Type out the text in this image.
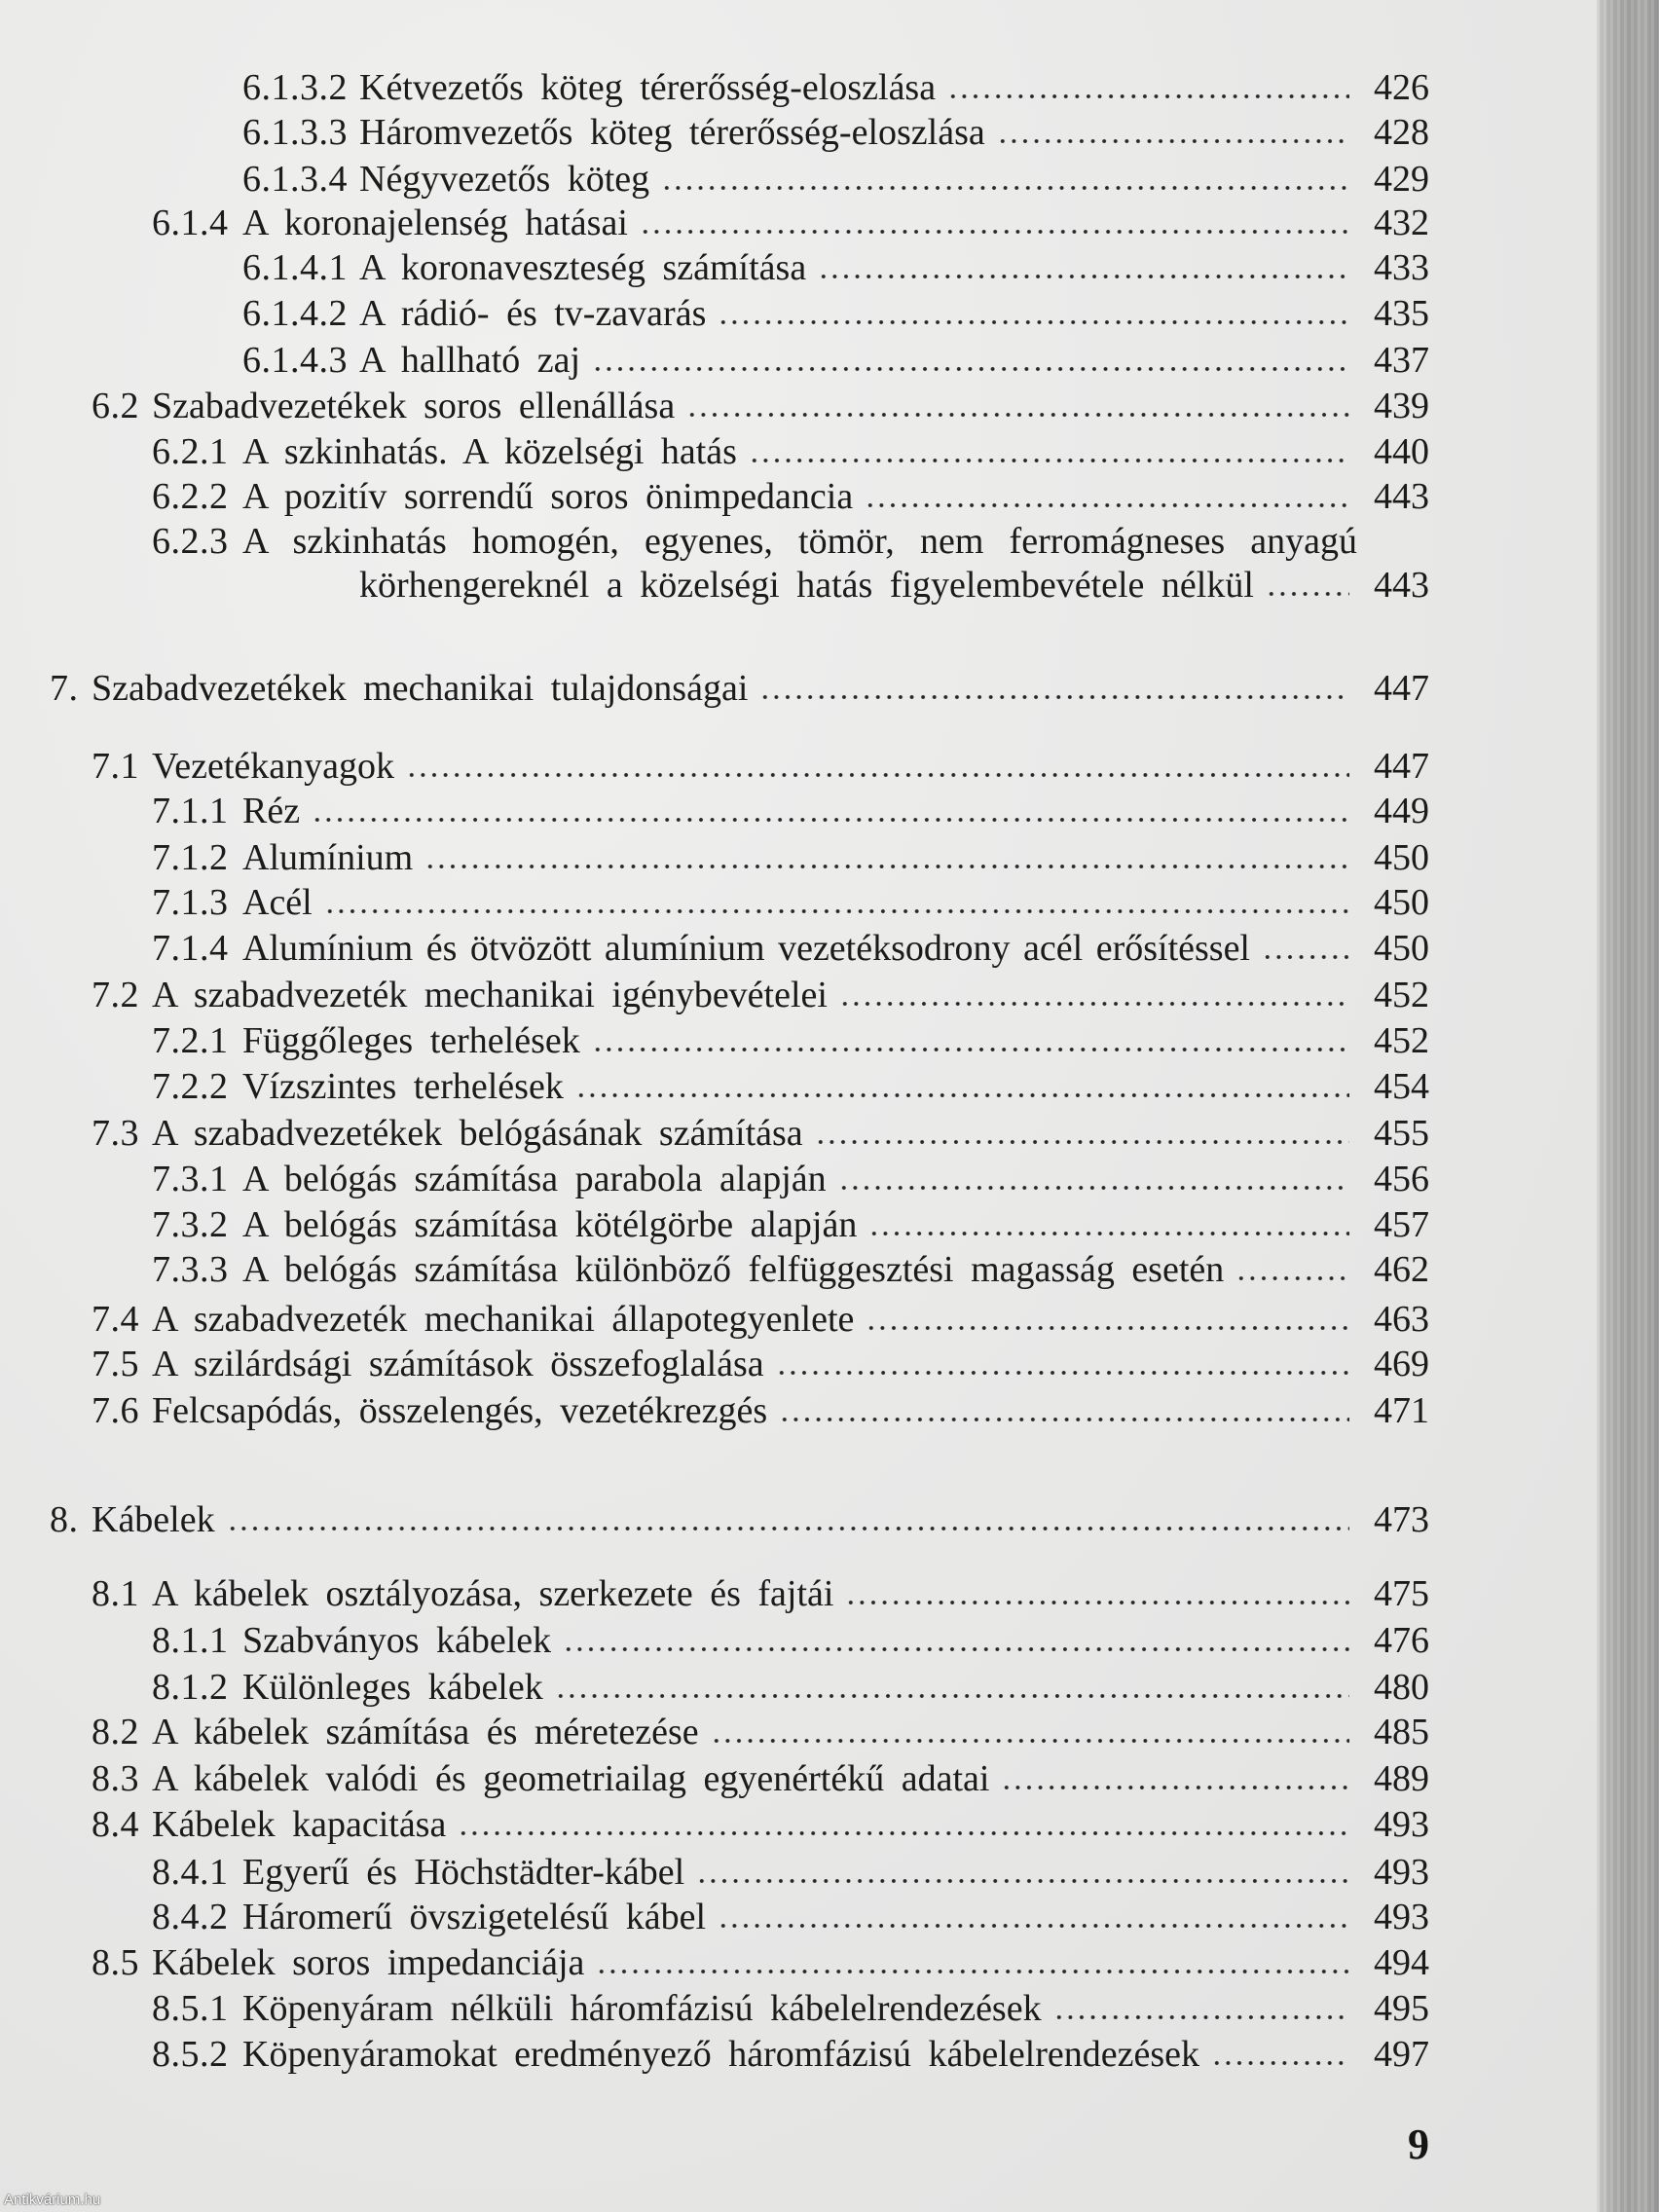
6.1.3.2 Kétvezetős köteg térerősség-eloszlása	426
6.1.3.3 Háromvezetős köteg térerősség-eloszlása	428
6.1.3.4 Négyvezetős köteg	429
6.1.4 A koronajelenség hatásai	432
6.1.4.1 A koronaveszteség számítása	433
6.1.4.2 A rádió- és tv-zavarás	435
6.1.4.3 A hallható zaj	437
6.2 Szabadvezetékek soros ellenállása	439
6.2.1 A szkinhatás. A közelségi hatás	440
6.2.2 A pozitív sorrendű soros önimpedancia	443
6.2.3 A szkinhatás homogén, egyenes, tömör, nem ferromágneses anyagú
körhengereknél a közelségi hatás figyelembevétele nélkül	443
7. Szabadvezetékek mechanikai tulajdonságai	447
7.1 Vezetékanyagok	447
7.1.1 Réz	449
7.1.2 Alumínium	450
7.1.3 Acél	450
7.1.4 Alumínium és ötvözött alumínium vezetéksodrony acél erősítéssel	450
7.2 A szabadvezeték mechanikai igénybevételei	452
7.2.1 Függőleges terhelések	452
7.2.2 Vízszintes terhelések	454
7.3 A szabadvezetékek belógásának számítása	455
7.3.1 A belógás számítása parabola alapján	456
7.3.2 A belógás számítása kötélgörbe alapján	457
7.3.3 A belógás számítása különböző felfüggesztési magasság esetén	462
7.4 A szabadvezeték mechanikai állapotegyenlete	463
7.5 A szilárdsági számítások összefoglalása	469
7.6 Felcsapódás, összelengés, vezetékrezgés	471
8. Kábelek	473
8.1 A kábelek osztályozása, szerkezete és fajtái	475
8.1.1 Szabványos kábelek	476
8.1.2 Különleges kábelek	480
8.2 A kábelek számítása és méretezése	485
8.3 A kábelek valódi és geometriailag egyenértékű adatai	489
8.4 Kábelek kapacitása	493
8.4.1 Egyerű és Höchstädter-kábel	493
8.4.2 Háromerű övszigetelésű kábel	493
8.5 Kábelek soros impedanciája	494
8.5.1 Köpenyáram nélküli háromfázisú kábelelrendezések	495
8.5.2 Köpenyáramokat eredményező háromfázisú kábelelrendezések	497
9
Antikvárium.hu
